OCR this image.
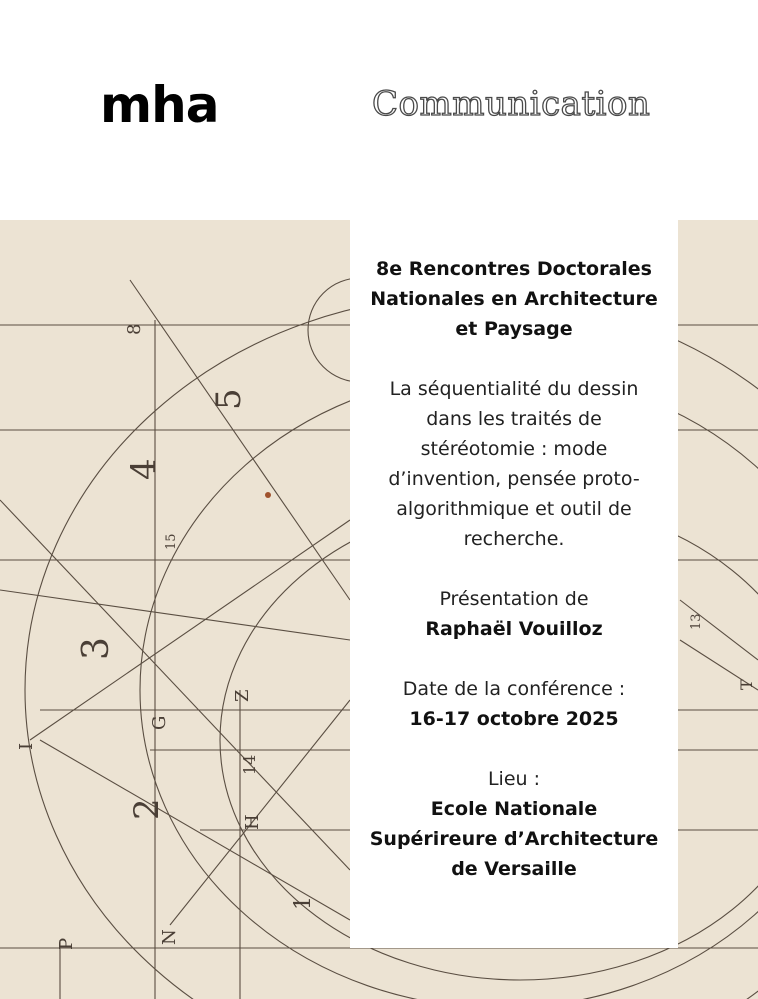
mha	Communication
8
5
4
3
2
1
I
G
Z
14
H
N
P
15
13
T

8e Rencontres Doctorales Nationales en Architecture et Paysage

La séquentialité du dessin dans les traités de stéréotomie : mode d’invention, pensée proto-algorithmique et outil de recherche.

Présentation de
Raphaël Vouilloz

Date de la conférence :
16-17 octobre 2025

Lieu :
Ecole Nationale Supérireure d’Architecture de Versaille
